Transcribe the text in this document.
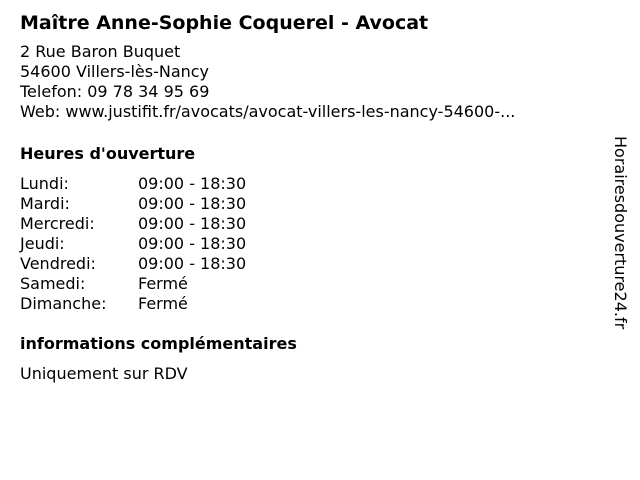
Maître Anne-Sophie Coquerel - Avocat
2 Rue Baron Buquet
54600 Villers-lès-Nancy
Telefon: 09 78 34 95 69
Web: www.justifit.fr/avocats/avocat-villers-les-nancy-54600-...
Heures d'ouverture
Lundi:	09:00 - 18:30
Mardi:	09:00 - 18:30
Mercredi:	09:00 - 18:30
Jeudi:	09:00 - 18:30
Vendredi:	09:00 - 18:30
Samedi:	Fermé
Dimanche:	Fermé
informations complémentaires
Uniquement sur RDV
Horairesdouverture24.fr
